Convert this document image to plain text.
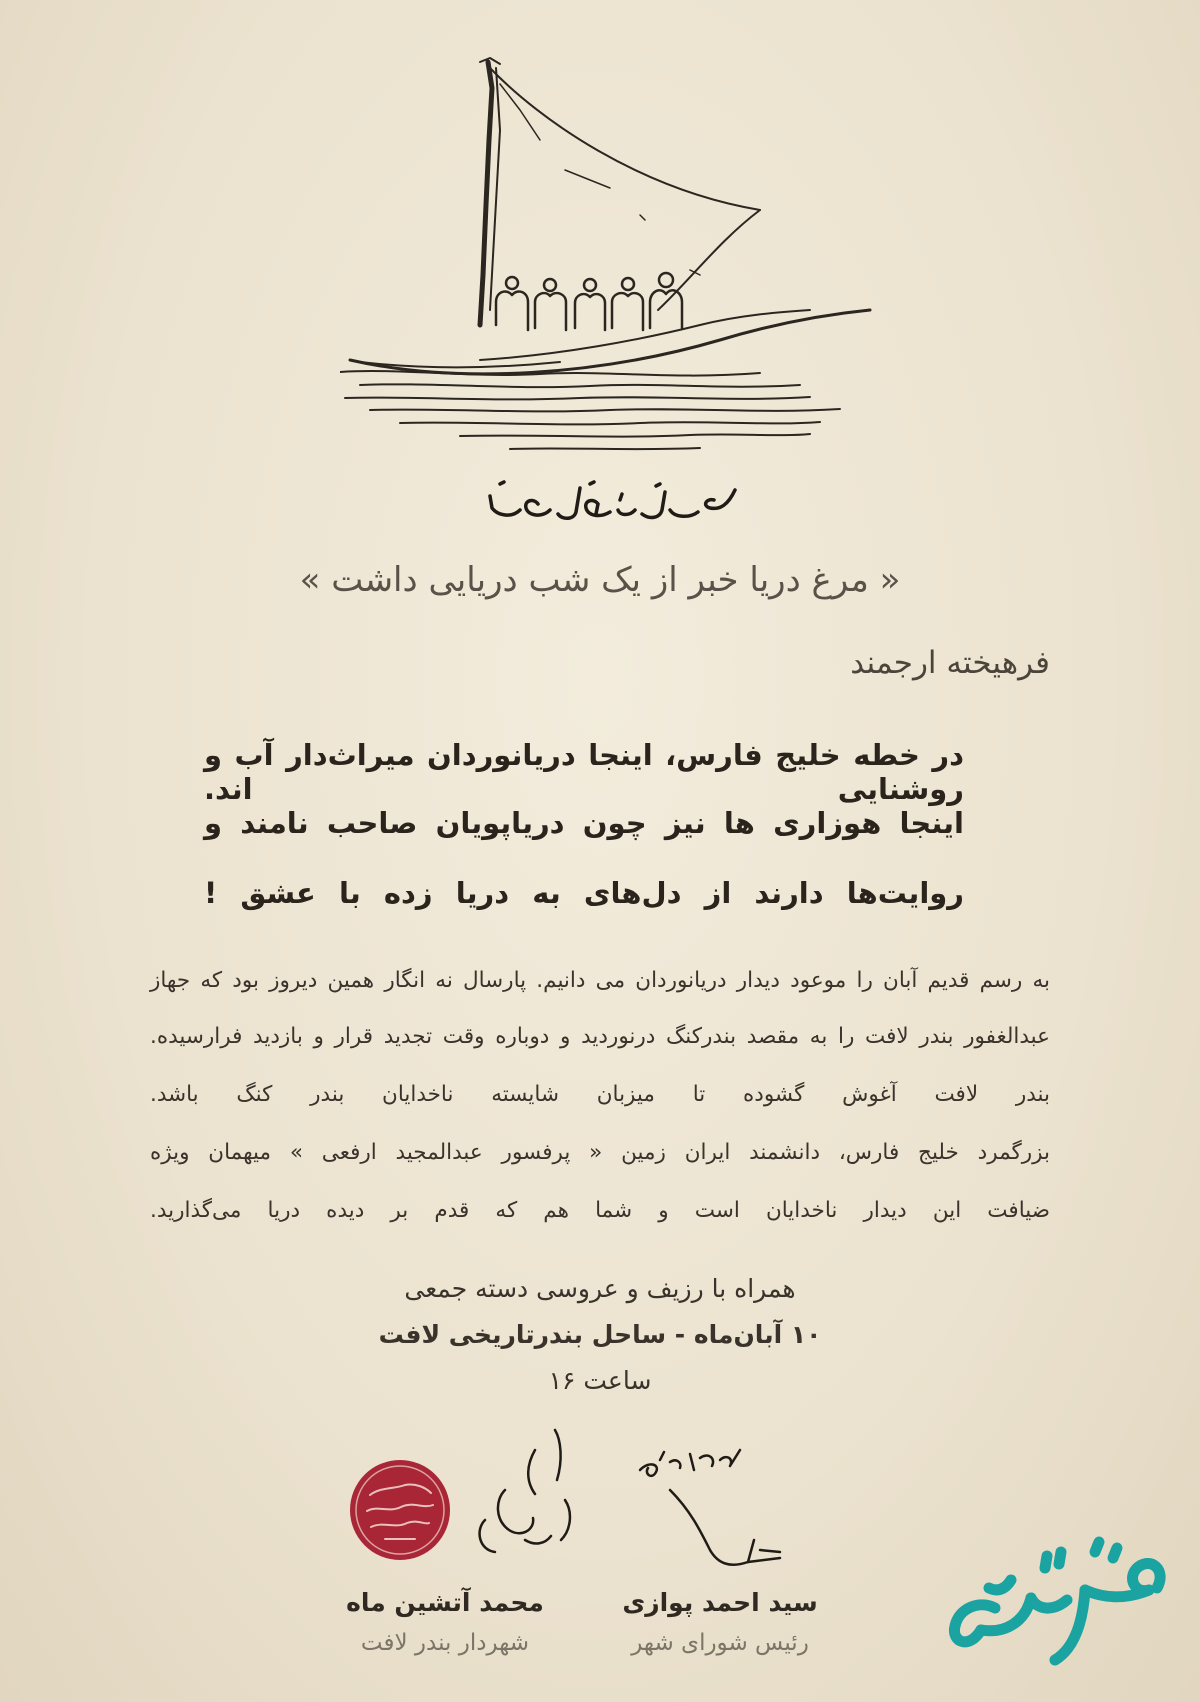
« مرغ دریا خبر از یک شب دریایی داشت »
فرهیخته ارجمند
در خطه خلیج فارس، اینجا دریانوردان میراث‌دار آب و روشنایی اند.
اینجا هوزاری ها نیز چون دریاپویان صاحب نامند و
روایت‌ها دارند از دل‌های به دریا زده با عشق !
به رسم قدیم آبان را موعود دیدار دریانوردان می دانیم. پارسال نه انگار همین دیروز بود که جهاز
عبدالغفور بندر لافت را به مقصد بندرکنگ درنوردید و دوباره وقت تجدید قرار و بازدید فرارسیده.
بندر لافت آغوش گشوده تا میزبان شایسته ناخدایان بندر کنگ باشد.
بزرگمرد خلیج فارس، دانشمند ایران زمین « پرفسور عبدالمجید ارفعی » میهمان ویژه
ضیافت این دیدار ناخدایان است و شما هم که قدم بر دیده دریا می‌گذارید.
همراه با رزیف و عروسی دسته جمعی
۱۰ آبان‌ماه - ساحل بندرتاریخی لافت
ساعت ۱۶
سید احمد پوازی
رئیس شورای شهر
محمد آتشین ماه
شهردار بندر لافت
